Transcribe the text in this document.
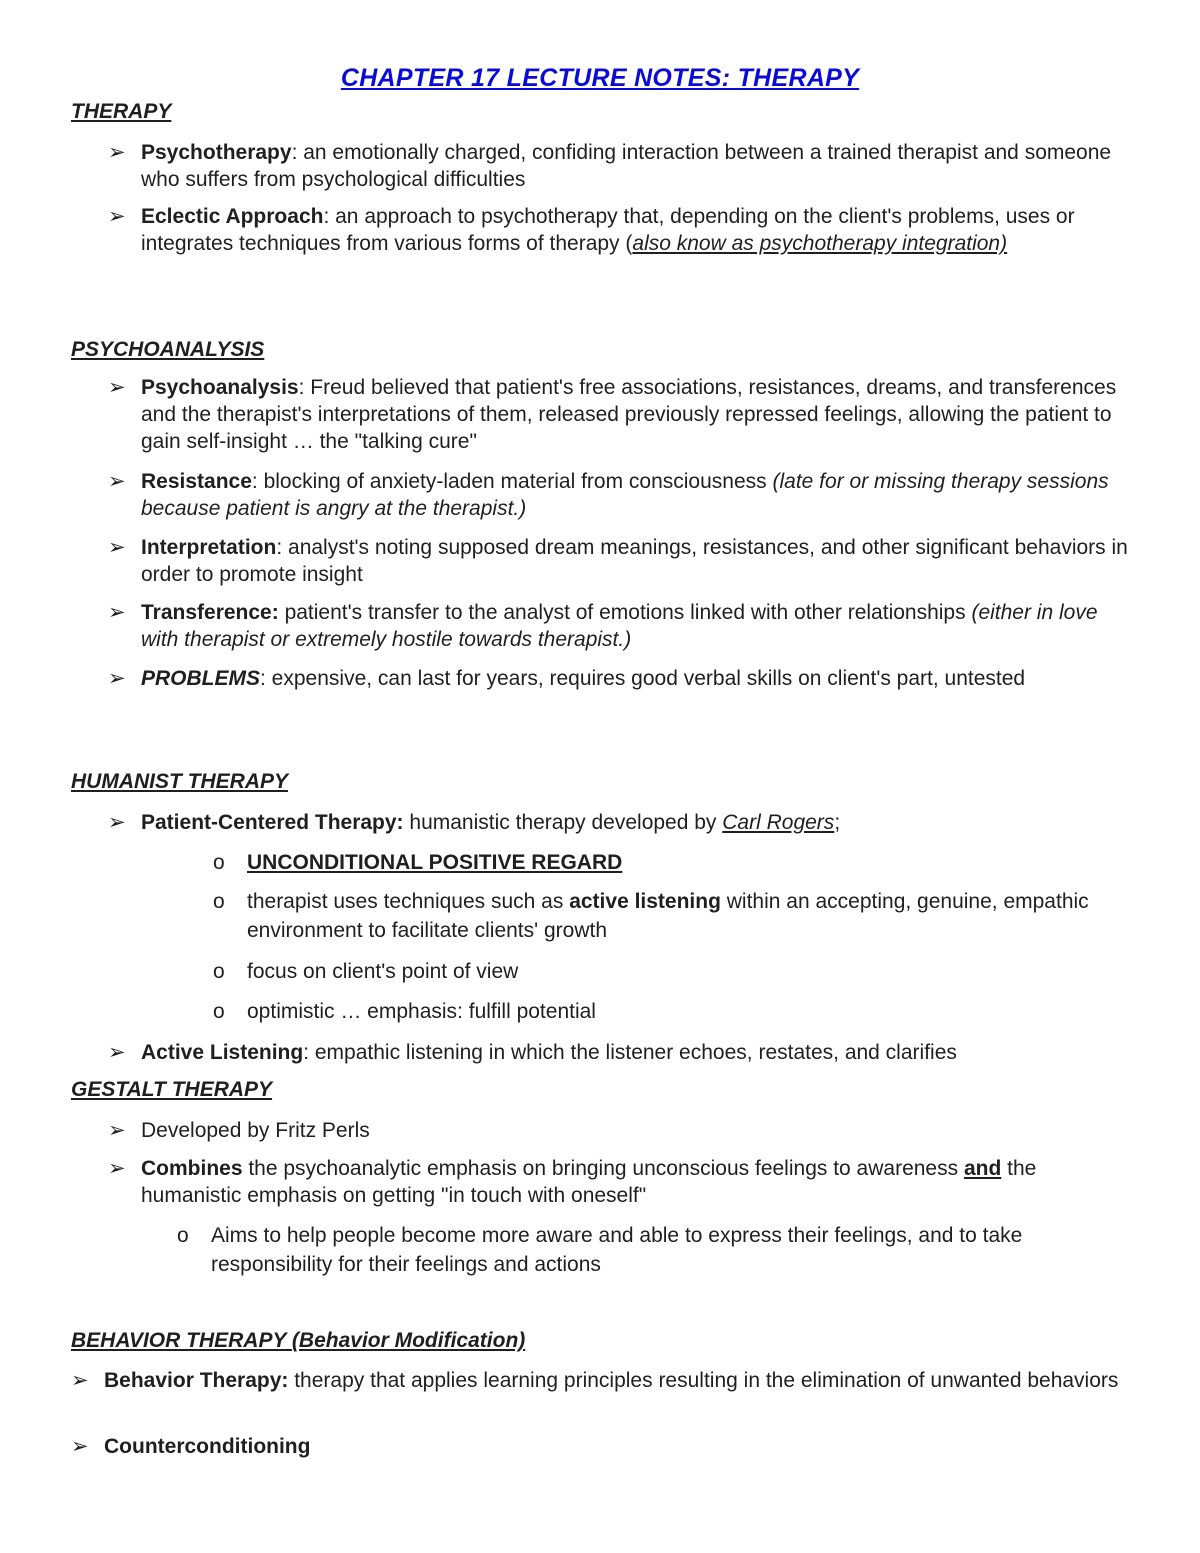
CHAPTER 17 LECTURE NOTES: THERAPY
THERAPY
➢ Psychotherapy: an emotionally charged, confiding interaction between a trained therapist and someone who suffers from psychological difficulties
➢ Eclectic Approach: an approach to psychotherapy that, depending on the client's problems, uses or integrates techniques from various forms of therapy (also know as psychotherapy integration)
PSYCHOANALYSIS
➢ Psychoanalysis: Freud believed that patient's free associations, resistances, dreams, and transferences and the therapist's interpretations of them, released previously repressed feelings, allowing the patient to gain self-insight … the "talking cure"
➢ Resistance: blocking of anxiety-laden material from consciousness (late for or missing therapy sessions because patient is angry at the therapist.)
➢ Interpretation: analyst's noting supposed dream meanings, resistances, and other significant behaviors in order to promote insight
➢ Transference: patient's transfer to the analyst of emotions linked with other relationships (either in love with therapist or extremely hostile towards therapist.)
➢ PROBLEMS: expensive, can last for years, requires good verbal skills on client's part, untested
HUMANIST THERAPY
➢ Patient-Centered Therapy: humanistic therapy developed by Carl Rogers;
o UNCONDITIONAL POSITIVE REGARD
o therapist uses techniques such as active listening within an accepting, genuine, empathic environment to facilitate clients' growth
o focus on client's point of view
o optimistic … emphasis: fulfill potential
➢ Active Listening: empathic listening in which the listener echoes, restates, and clarifies
GESTALT THERAPY
➢ Developed by Fritz Perls
➢ Combines the psychoanalytic emphasis on bringing unconscious feelings to awareness and the humanistic emphasis on getting "in touch with oneself"
o Aims to help people become more aware and able to express their feelings, and to take responsibility for their feelings and actions
BEHAVIOR THERAPY (Behavior Modification)
➢ Behavior Therapy: therapy that applies learning principles resulting in the elimination of unwanted behaviors
➢ Counterconditioning
